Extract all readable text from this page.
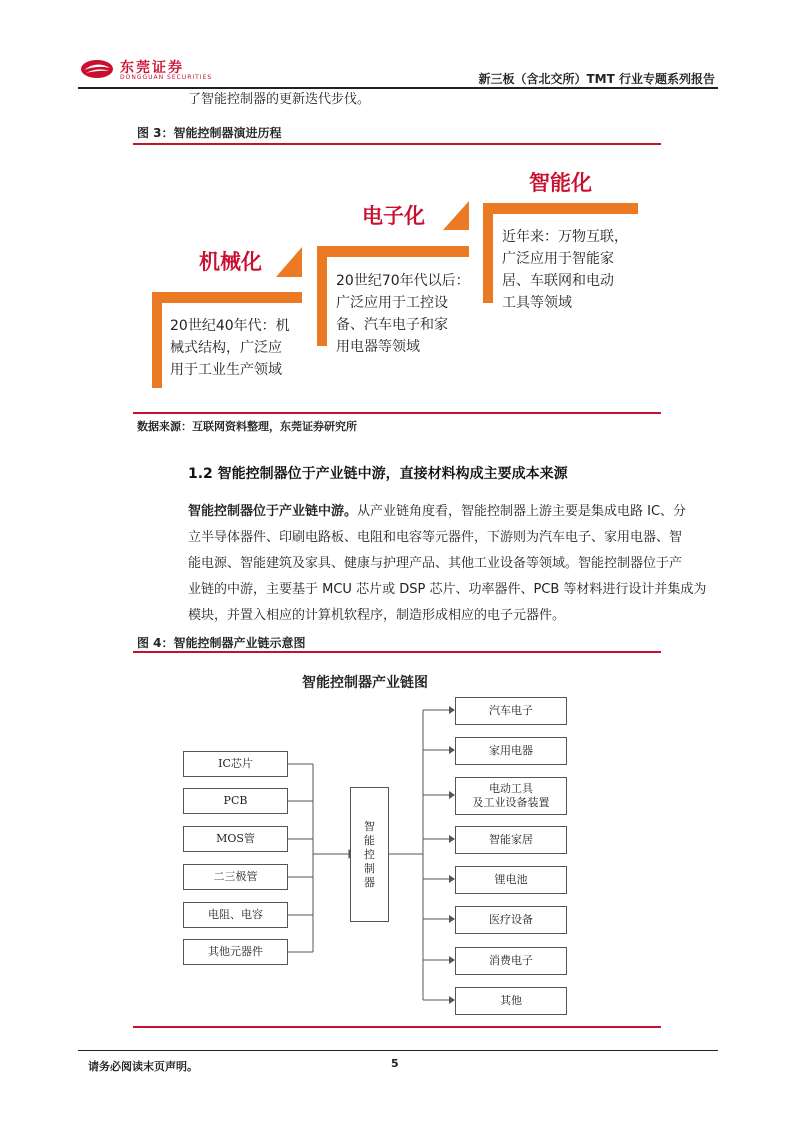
东莞证券
DONGGUAN SECURITIES	新三板（含北交所）TMT 行业专题系列报告
了智能控制器的更新迭代步伐。
图 3：智能控制器演进历程
机械化
20世纪40年代：机
械式结构，广泛应
用于工业生产领域
电子化
20世纪70年代以后：
广泛应用于工控设
备、汽车电子和家
用电器等领域
智能化
近年来：万物互联，
广泛应用于智能家
居、车联网和电动
工具等领域
数据来源：互联网资料整理，东莞证券研究所
1.2 智能控制器位于产业链中游，直接材料构成主要成本来源
智能控制器位于产业链中游。从产业链角度看，智能控制器上游主要是集成电路 IC、分
立半导体器件、印刷电路板、电阻和电容等元器件，下游则为汽车电子、家用电器、智
能电源、智能建筑及家具、健康与护理产品、其他工业设备等领域。智能控制器位于产
业链的中游，主要基于 MCU 芯片或 DSP 芯片、功率器件、PCB 等材料进行设计并集成为
模块，并置入相应的计算机软程序，制造形成相应的电子元器件。
图 4：智能控制器产业链示意图
智能控制器产业链图
IC芯片
PCB
MOS管
二三极管
电阻、电容
其他元器件
智
能
控
制
器
汽车电子
家用电器
电动工具
及工业设备装置
智能家居
锂电池
医疗设备
消费电子
其他
请务必阅读末页声明。	5
